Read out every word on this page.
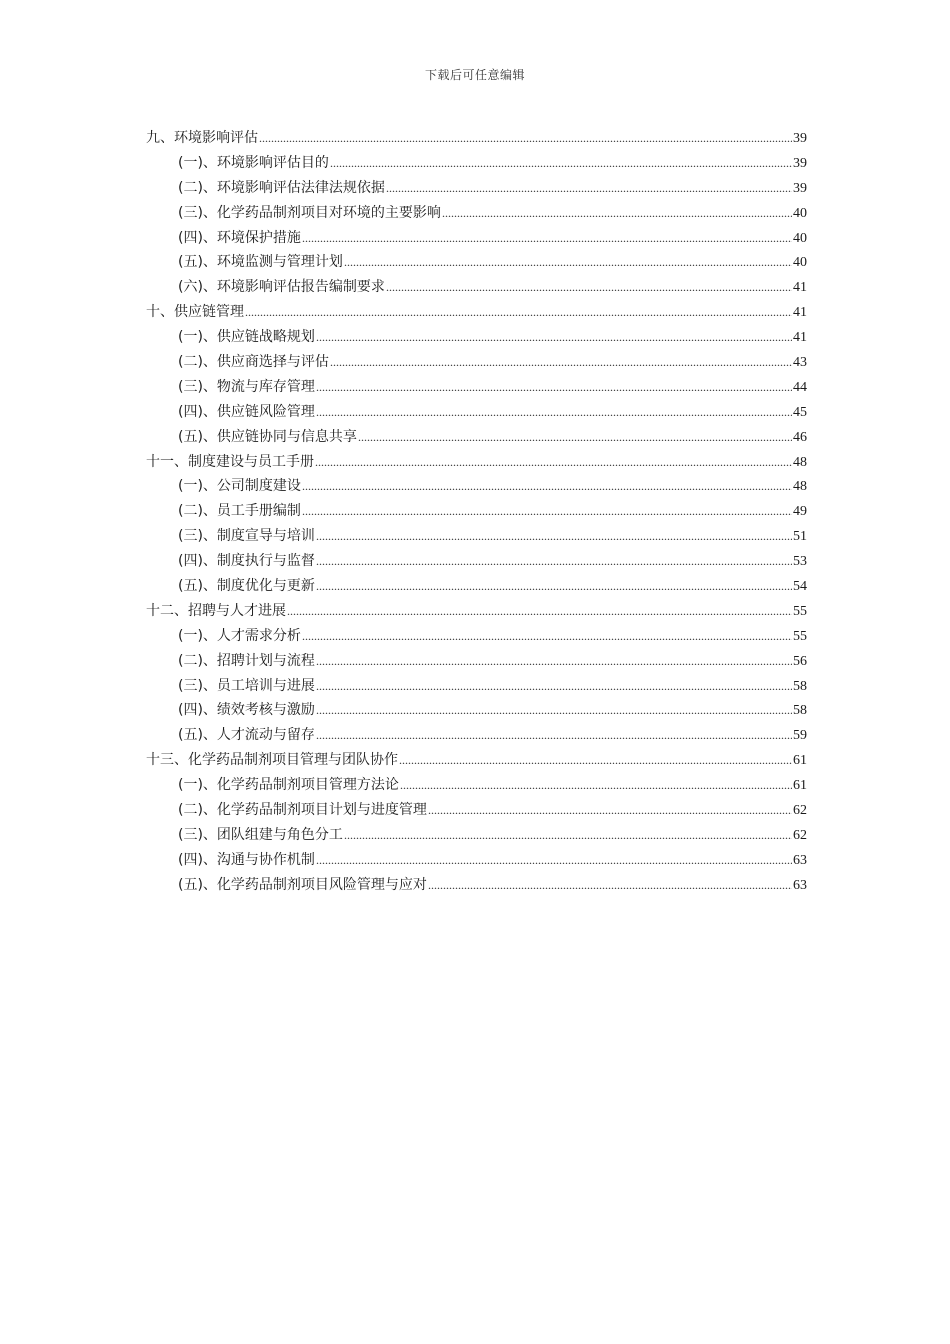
下载后可任意编辑
九、环境影响评估 .....	39
(一)、环境影响评估目的 .....	39
(二)、环境影响评估法律法规依据 .....	39
(三)、化学药品制剂项目对环境的主要影响 .....	40
(四)、环境保护措施 .....	40
(五)、环境监测与管理计划 .....	40
(六)、环境影响评估报告编制要求 .....	41
十、供应链管理 .....	41
(一)、供应链战略规划 .....	41
(二)、供应商选择与评估 .....	43
(三)、物流与库存管理 .....	44
(四)、供应链风险管理 .....	45
(五)、供应链协同与信息共享 .....	46
十一、制度建设与员工手册 .....	48
(一)、公司制度建设 .....	48
(二)、员工手册编制 .....	49
(三)、制度宣导与培训 .....	51
(四)、制度执行与监督 .....	53
(五)、制度优化与更新 .....	54
十二、招聘与人才进展 .....	55
(一)、人才需求分析 .....	55
(二)、招聘计划与流程 .....	56
(三)、员工培训与进展 .....	58
(四)、绩效考核与激励 .....	58
(五)、人才流动与留存 .....	59
十三、化学药品制剂项目管理与团队协作 .....	61
(一)、化学药品制剂项目管理方法论 .....	61
(二)、化学药品制剂项目计划与进度管理 .....	62
(三)、团队组建与角色分工 .....	62
(四)、沟通与协作机制 .....	63
(五)、化学药品制剂项目风险管理与应对 .....	63
